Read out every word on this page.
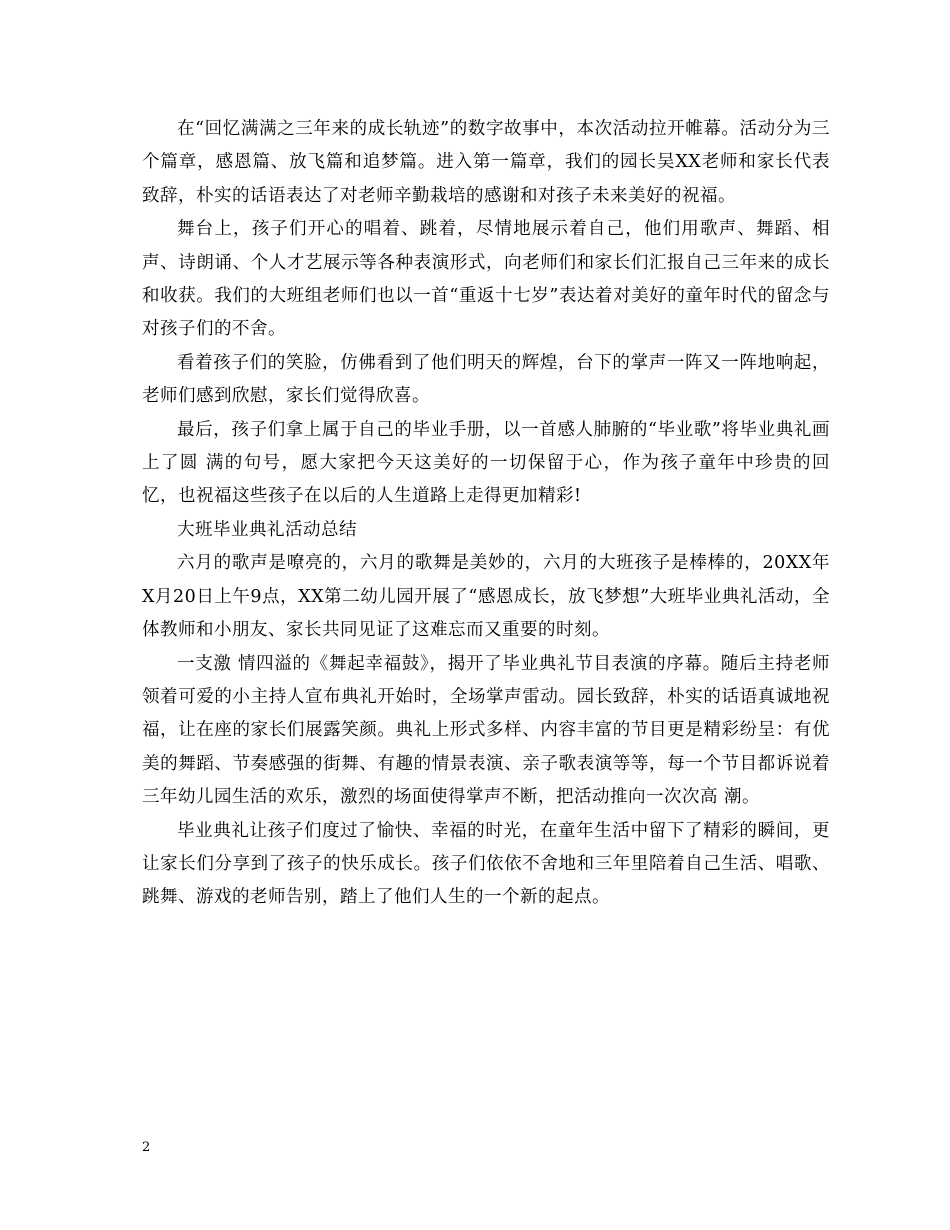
在“回忆满满之三年来的成长轨迹”的数字故事中，本次活动拉开帷幕。活动分为三个篇章，感恩篇、放飞篇和追梦篇。进入第一篇章，我们的园长吴XX老师和家长代表致辞，朴实的话语表达了对老师辛勤栽培的感谢和对孩子未来美好的祝福。

舞台上，孩子们开心的唱着、跳着，尽情地展示着自己，他们用歌声、舞蹈、相声、诗朗诵、个人才艺展示等各种表演形式，向老师们和家长们汇报自己三年来的成长和收获。我们的大班组老师们也以一首“重返十七岁”表达着对美好的童年时代的留念与对孩子们的不舍。

看着孩子们的笑脸，仿佛看到了他们明天的辉煌，台下的掌声一阵又一阵地响起，老师们感到欣慰，家长们觉得欣喜。

最后，孩子们拿上属于自己的毕业手册，以一首感人肺腑的“毕业歌”将毕业典礼画上了圆 满的句号，愿大家把今天这美好的一切保留于心，作为孩子童年中珍贵的回忆，也祝福这些孩子在以后的人生道路上走得更加精彩!

大班毕业典礼活动总结

六月的歌声是嘹亮的，六月的歌舞是美妙的，六月的大班孩子是棒棒的，20XX年X月20日上午9点，XX第二幼儿园开展了“感恩成长，放飞梦想”大班毕业典礼活动，全体教师和小朋友、家长共同见证了这难忘而又重要的时刻。

一支激 情四溢的《舞起幸福鼓》，揭开了毕业典礼节目表演的序幕。随后主持老师领着可爱的小主持人宣布典礼开始时，全场掌声雷动。园长致辞，朴实的话语真诚地祝福，让在座的家长们展露笑颜。典礼上形式多样、内容丰富的节目更是精彩纷呈：有优美的舞蹈、节奏感强的街舞、有趣的情景表演、亲子歌表演等等，每一个节目都诉说着三年幼儿园生活的欢乐，激烈的场面使得掌声不断，把活动推向一次次高 潮。

毕业典礼让孩子们度过了愉快、幸福的时光，在童年生活中留下了精彩的瞬间，更让家长们分享到了孩子的快乐成长。孩子们依依不舍地和三年里陪着自己生活、唱歌、跳舞、游戏的老师告别，踏上了他们人生的一个新的起点。

2
